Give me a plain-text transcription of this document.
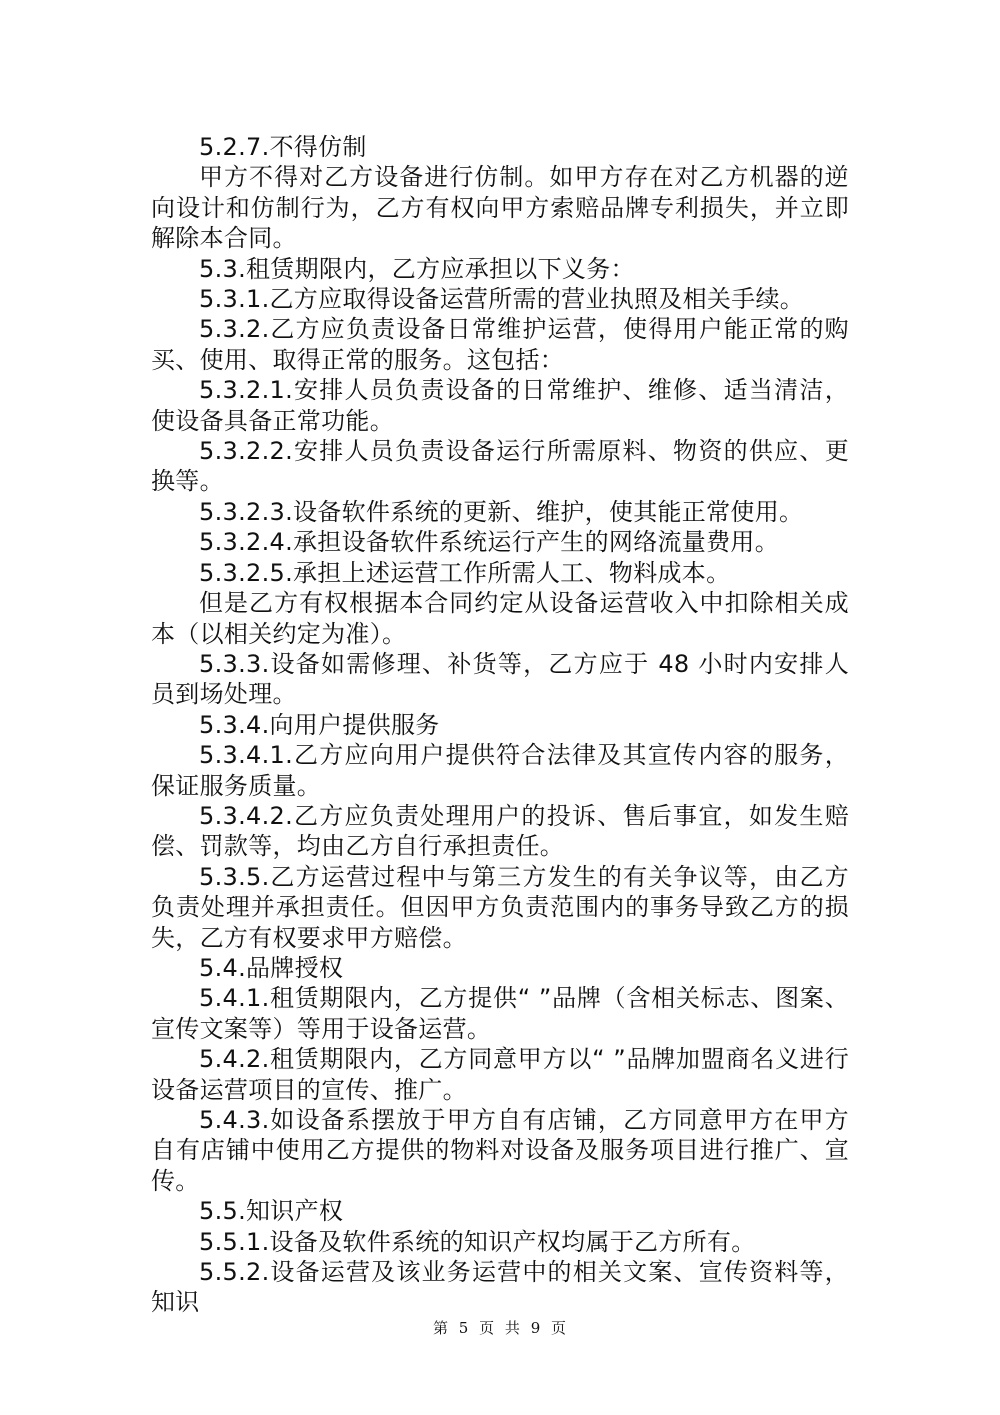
5.2.7.不得仿制

甲方不得对乙方设备进行仿制。如甲方存在对乙方机器的逆向设计和仿制行为，乙方有权向甲方索赔品牌专利损失，并立即解除本合同。

5.3.租赁期限内，乙方应承担以下义务：

5.3.1.乙方应取得设备运营所需的营业执照及相关手续。

5.3.2.乙方应负责设备日常维护运营，使得用户能正常的购买、使用、取得正常的服务。这包括：

5.3.2.1.安排人员负责设备的日常维护、维修、适当清洁，使设备具备正常功能。

5.3.2.2.安排人员负责设备运行所需原料、物资的供应、更换等。

5.3.2.3.设备软件系统的更新、维护，使其能正常使用。

5.3.2.4.承担设备软件系统运行产生的网络流量费用。

5.3.2.5.承担上述运营工作所需人工、物料成本。

但是乙方有权根据本合同约定从设备运营收入中扣除相关成本（以相关约定为准）。

5.3.3.设备如需修理、补货等，乙方应于 48 小时内安排人员到场处理。

5.3.4.向用户提供服务

5.3.4.1.乙方应向用户提供符合法律及其宣传内容的服务，保证服务质量。

5.3.4.2.乙方应负责处理用户的投诉、售后事宜，如发生赔偿、罚款等，均由乙方自行承担责任。

5.3.5.乙方运营过程中与第三方发生的有关争议等，由乙方负责处理并承担责任。但因甲方负责范围内的事务导致乙方的损失，乙方有权要求甲方赔偿。

5.4.品牌授权

5.4.1.租赁期限内，乙方提供“ ”品牌（含相关标志、图案、宣传文案等）等用于设备运营。

5.4.2.租赁期限内，乙方同意甲方以“ ”品牌加盟商名义进行设备运营项目的宣传、推广。

5.4.3.如设备系摆放于甲方自有店铺，乙方同意甲方在甲方自有店铺中使用乙方提供的物料对设备及服务项目进行推广、宣传。

5.5.知识产权

5.5.1.设备及软件系统的知识产权均属于乙方所有。

5.5.2.设备运营及该业务运营中的相关文案、宣传资料等，知识

第 5 页 共 9 页
